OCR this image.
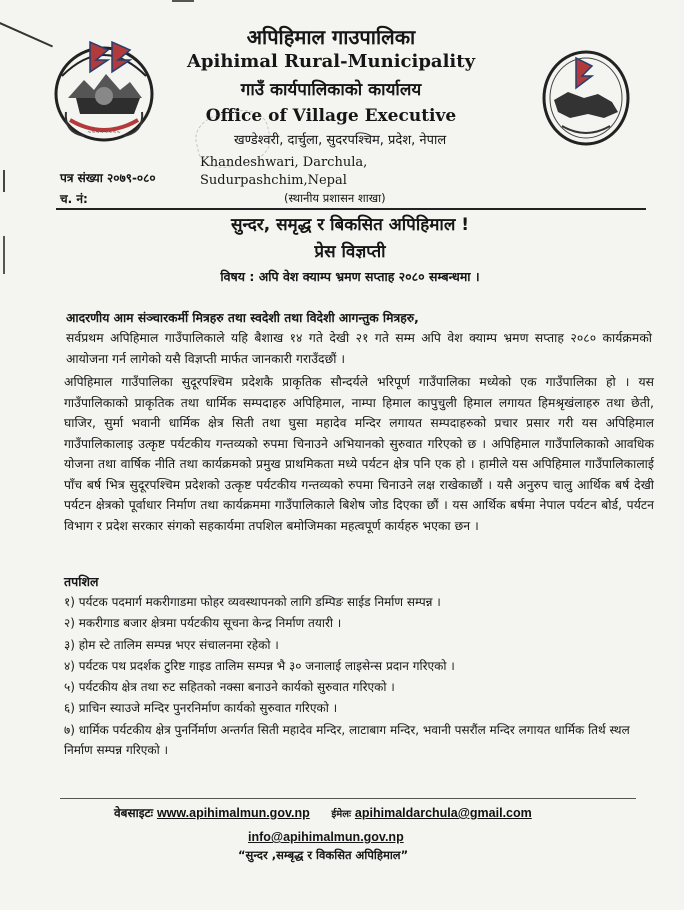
~~~~~~~~
अपिहिमाल गाउपालिका
Apihimal Rural-Municipality
गाउँ कार्यपालिकाको कार्यालय
Office of Village Executive
खण्डेश्वरी, दार्चुला, सुदरपश्चिम, प्रदेश, नेपाल
Khandeshwari, Darchula, Sudurpashchim,Nepal
पत्र संख्या २०७९-०८०
च. नं:	(स्थानीय प्रशासन शाखा)
सुन्दर, समृद्ध र बिकसित अपिहिमाल !
प्रेस विज्ञप्ती
विषय : अपि वेश क्याम्प भ्रमण सप्ताह २०८० सम्बन्धमा ।
आदरणीय आम संञ्चारकर्मी मित्रहरु तथा स्वदेशी तथा विदेशी आगन्तुक मित्रहरु,
सर्वप्रथम अपिहिमाल गाउँपालिकाले यहि बैशाख १४ गते देखी २१ गते सम्म अपि वेश क्याम्प भ्रमण सप्ताह २०८० कार्यक्रमको आयोजना गर्न लागेको यसै विज्ञप्ती मार्फत जानकारी गराउँदछौं ।
अपिहिमाल गाउँपालिका सुदूरपश्चिम प्रदेशकै प्राकृतिक सौन्दर्यले भरिपूर्ण गाउँपालिका मध्येको एक गाउँपालिका हो । यस गाउँपालिकाको प्राकृतिक तथा धार्मिक सम्पदाहरु अपिहिमाल, नाम्पा हिमाल कापुचुली हिमाल लगायत हिमश्रृखंलाहरु तथा छेती, घाजिर, सुर्मा भवानी धार्मिक क्षेत्र सिती तथा घुसा महादेव मन्दिर लगायत सम्पदाहरुको प्रचार प्रसार गरी यस अपिहिमाल गाउँपालिकालाइ उत्कृष्ट पर्यटकीय गन्तव्यको रुपमा चिनाउने अभियानको सुरुवात गरिएको छ । अपिहिमाल गाउँपालिकाको आवधिक योजना तथा वार्षिक नीति तथा कार्यक्रमको प्रमुख प्राथमिकता मध्ये पर्यटन क्षेत्र पनि एक हो । हामीले यस अपिहिमाल गाउँपालिकालाई पाँच बर्ष भित्र सुदूरपश्चिम प्रदेशको उत्कृष्ट पर्यटकीय गन्तव्यको रुपमा चिनाउने लक्ष राखेकाछौं । यसै अनुरुप चालु आर्थिक बर्ष देखी पर्यटन क्षेत्रको पूर्वाधार निर्माण तथा कार्यक्रममा गाउँपालिकाले बिशेष जोड दिएका छौं । यस आर्थिक बर्षमा नेपाल पर्यटन बोर्ड, पर्यटन विभाग र प्रदेश सरकार संगको सहकार्यमा तपशिल बमोजिमका महत्वपूर्ण कार्यहरु भएका छन ।
तपशिल
१) पर्यटक पदमार्ग मकरीगाडमा फोहर व्यवस्थापनको लागि डम्पिङ साईड निर्माण सम्पन्न ।
२) मकरीगाड बजार क्षेत्रमा पर्यटकीय सूचना केन्द्र निर्माण तयारी ।
३) होम स्टे तालिम सम्पन्न भएर संचालनमा रहेको ।
४) पर्यटक पथ प्रदर्शक टुरिष्ट गाइड तालिम सम्पन्न भै ३० जनालाई लाइसेन्स प्रदान गरिएको ।
५) पर्यटकीय क्षेत्र तथा रुट सहितको नक्सा बनाउने कार्यको सुरुवात गरिएको ।
६) प्राचिन स्याउजे मन्दिर पुनरनिर्माण कार्यको सुरुवात गरिएको ।
७) धार्मिक पर्यटकीय क्षेत्र पुनर्निर्माण अन्तर्गत सिती महादेव मन्दिर, लाटाबाग मन्दिर, भवानी पसरौंल मन्दिर लगायत धार्मिक तिर्थ स्थल निर्माण सम्पन्न गरिएको ।
वेबसाइटः www.apihimalmun.gov.np ईमेलः apihimaldarchula@gmail.com
info@apihimalmun.gov.np
“सुन्दर ,सम्बृद्ध र विकसित अपिहिमाल”
